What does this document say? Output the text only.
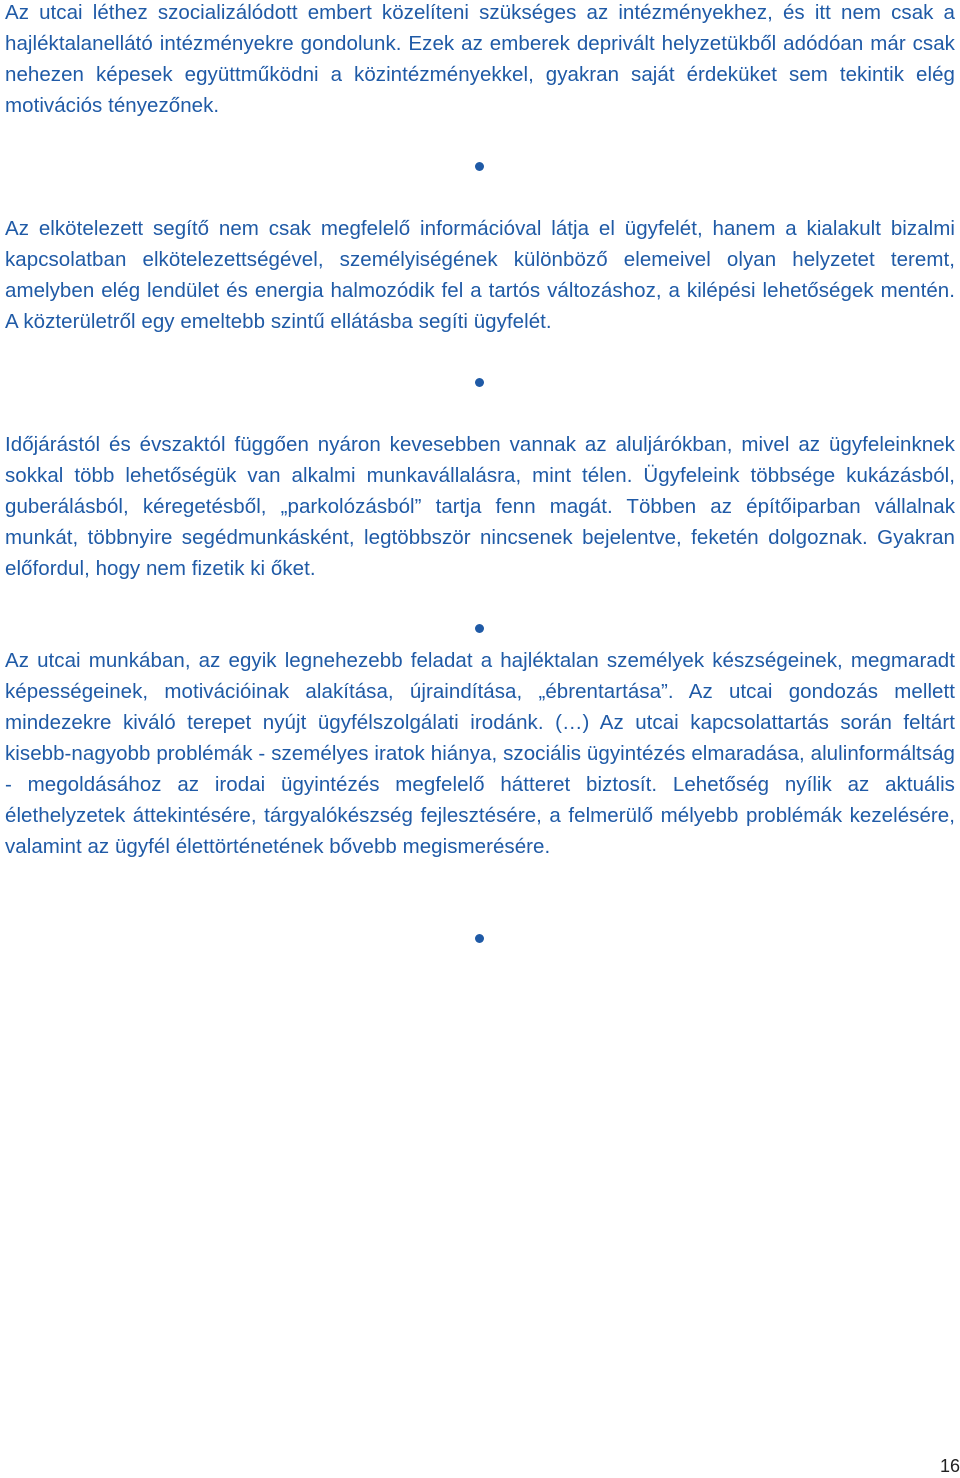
Az utcai léthez szocializálódott embert közelíteni szükséges az intézményekhez, és itt nem csak a hajléktalanellátó intézményekre gondolunk. Ezek az emberek deprivált helyzetükből adódóan már csak nehezen képesek együttműködni a közintézményekkel, gyakran saját érdeküket sem tekintik elég motivációs tényezőnek.

Az elkötelezett segítő nem csak megfelelő információval látja el ügyfelét, hanem a kialakult bizalmi kapcsolatban elkötelezettségével, személyiségének különböző elemeivel olyan helyzetet teremt, amelyben elég lendület és energia halmozódik fel a tartós változáshoz, a kilépési lehetőségek mentén. A közterületről egy emeltebb szintű ellátásba segíti ügyfelét.

Időjárástól és évszaktól függően nyáron kevesebben vannak az aluljárókban, mivel az ügyfeleinknek sokkal több lehetőségük van alkalmi munkavállalásra, mint télen. Ügyfeleink többsége kukázásból, guberálásból, kéregetésből, „parkolózásból” tartja fenn magát. Többen az építőiparban vállalnak munkát, többnyire segédmunkásként, legtöbbször nincsenek bejelentve, feketén dolgoznak. Gyakran előfordul, hogy nem fizetik ki őket.

Az utcai munkában, az egyik legnehezebb feladat a hajléktalan személyek készségeinek, megmaradt képességeinek, motivációinak alakítása, újraindítása, „ébrentartása”. Az utcai gondozás mellett mindezekre kiváló terepet nyújt ügyfélszolgálati irodánk. (…) Az utcai kapcsolattartás során feltárt kisebb-nagyobb problémák - személyes iratok hiánya, szociális ügyintézés elmaradása, alulinformáltság - megoldásához az irodai ügyintézés megfelelő hátteret biztosít. Lehetőség nyílik az aktuális élethelyzetek áttekintésére, tárgyalókészség fejlesztésére, a felmerülő mélyebb problémák kezelésére, valamint az ügyfél élettörténetének bővebb megismerésére.

16
